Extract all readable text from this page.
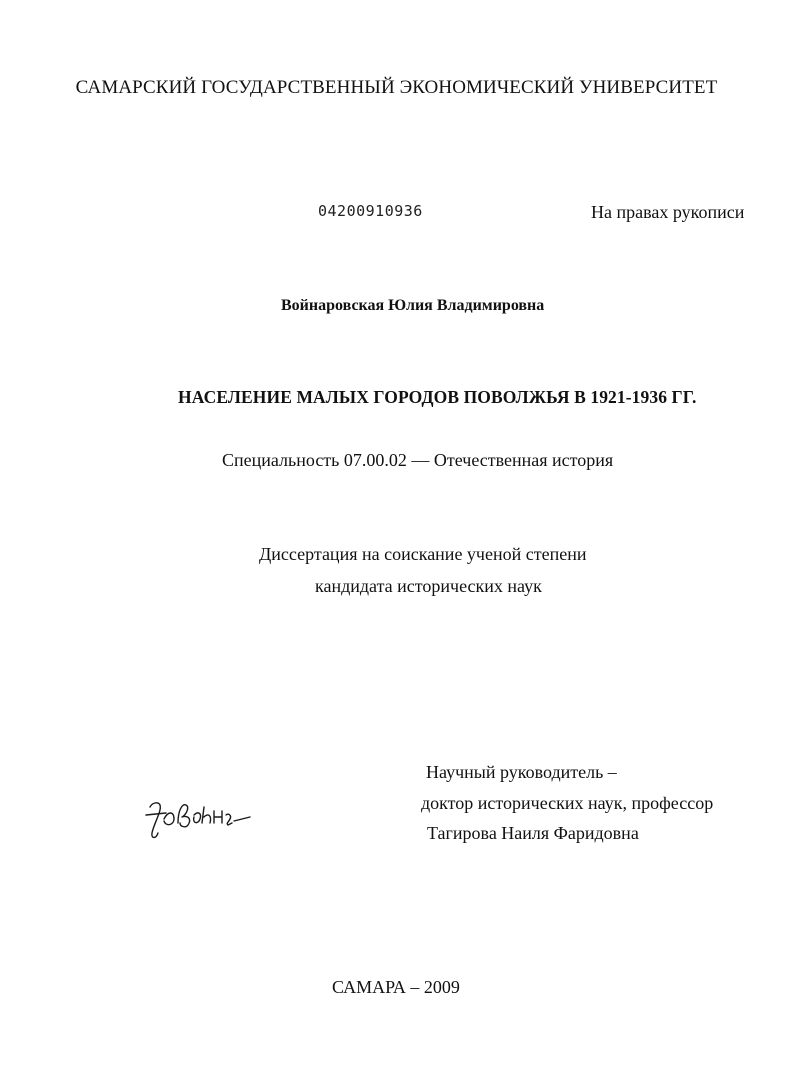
САМАРСКИЙ ГОСУДАРСТВЕННЫЙ ЭКОНОМИЧЕСКИЙ УНИВЕРСИТЕТ
04200910936	На правах рукописи
Войнаровская Юлия Владимировна
НАСЕЛЕНИЕ МАЛЫХ ГОРОДОВ ПОВОЛЖЬЯ В 1921-1936 ГГ.
Специальность 07.00.02 — Отечественная история
Диссертация на соискание ученой степени
кандидата исторических наук
Научный руководитель –
доктор исторических наук, профессор
Тагирова Наиля Фаридовна
САМАРА – 2009
